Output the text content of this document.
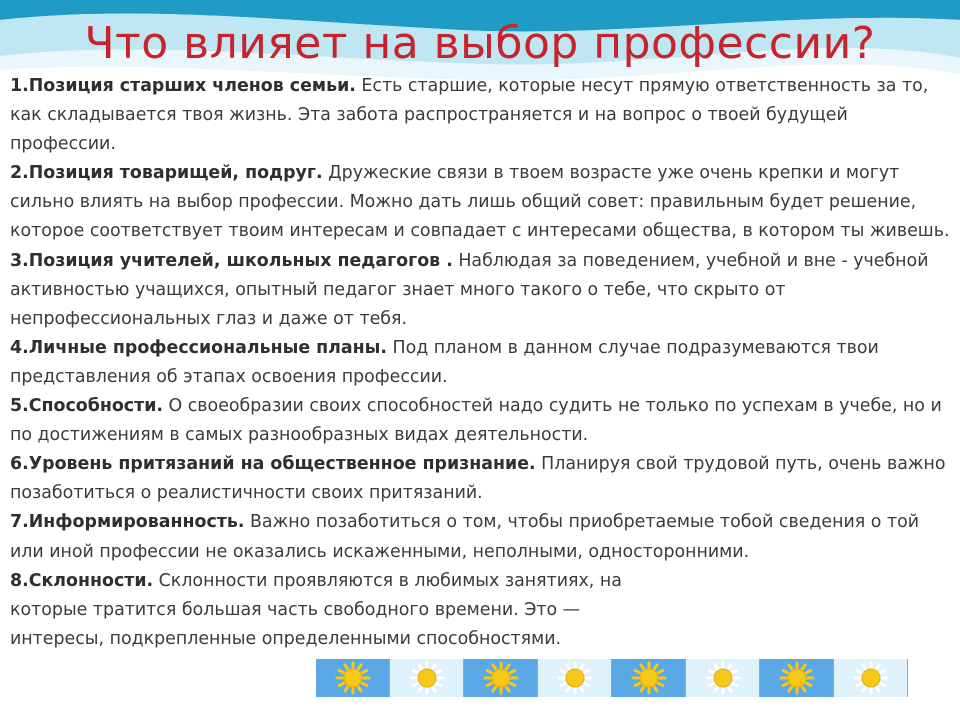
Что влияет на выбор профессии?

1.Позиция старших членов семьи. Есть старшие, которые несут прямую ответственность за то, как складывается твоя жизнь. Эта забота распространяется и на вопрос о твоей будущей профессии.

2.Позиция товарищей, подруг. Дружеские связи в твоем возрасте уже очень крепки и могут сильно влиять на выбор профессии. Можно дать лишь общий совет: правильным будет решение, которое соответствует твоим интересам и совпадает с интересами общества, в котором ты живешь.

3.Позиция учителей, школьных педагогов . Наблюдая за поведением, учебной и вне - учебной активностью учащихся, опытный педагог знает много такого о тебе, что скрыто от непрофессиональных глаз и даже от тебя.

4.Личные профессиональные планы. Под планом в данном случае подразумеваются твои представления об этапах освоения профессии.

5.Способности. О своеобразии своих способностей надо судить не только по успехам в учебе, но и по достижениям в самых разнообразных видах деятельности.

6.Уровень притязаний на общественное признание. Планируя свой трудовой путь, очень важно позаботиться о реалистичности своих притязаний.

7.Информированность. Важно позаботиться о том, чтобы приобретаемые тобой сведения о той или иной профессии не оказались искаженными, неполными, односторонними.

8.Склонности. Склонности проявляются в любимых занятиях, на которые тратится большая часть свободного времени. Это — интересы, подкрепленные определенными способностями.
